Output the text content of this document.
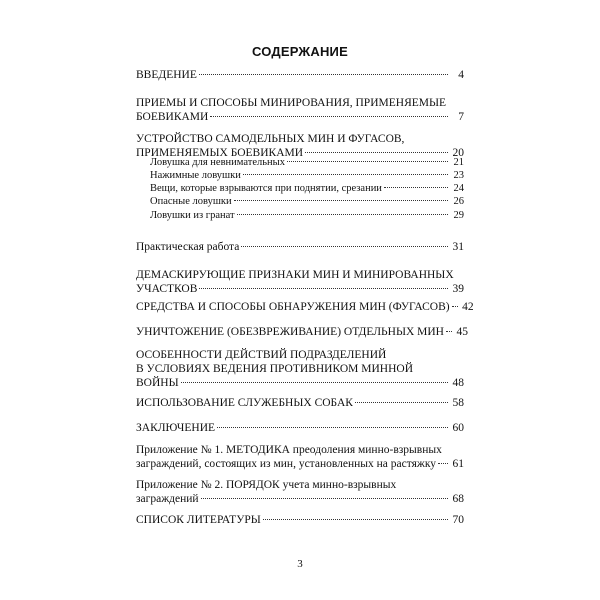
СОДЕРЖАНИЕ
ВВЕДЕНИЕ	4
ПРИЕМЫ И СПОСОБЫ МИНИРОВАНИЯ, ПРИМЕНЯЕМЫЕ
БОЕВИКАМИ	7
УСТРОЙСТВО САМОДЕЛЬНЫХ МИН И ФУГАСОВ,
ПРИМЕНЯЕМЫХ БОЕВИКАМИ	20
Ловушка для невнимательных	21
Нажимные ловушки	23
Вещи, которые взрываются при поднятии, срезании	24
Опасные ловушки	26
Ловушки из гранат	29
Практическая работа	31
ДЕМАСКИРУЮЩИЕ ПРИЗНАКИ МИН И МИНИРОВАННЫХ
УЧАСТКОВ	39
СРЕДСТВА И СПОСОБЫ ОБНАРУЖЕНИЯ МИН (ФУГАСОВ) 42
УНИЧТОЖЕНИЕ (ОБЕЗВРЕЖИВАНИЕ) ОТДЕЛЬНЫХ МИН 45
ОСОБЕННОСТИ ДЕЙСТВИЙ ПОДРАЗДЕЛЕНИЙ
В УСЛОВИЯХ ВЕДЕНИЯ ПРОТИВНИКОМ МИННОЙ
ВОЙНЫ	48
ИСПОЛЬЗОВАНИЕ СЛУЖЕБНЫХ СОБАК	58
ЗАКЛЮЧЕНИЕ	60
Приложение № 1. МЕТОДИКА преодоления минно-взрывных
заграждений, состоящих из мин, установленных на растяжку 61
Приложение № 2. ПОРЯДОК учета минно-взрывных
заграждений	68
СПИСОК ЛИТЕРАТУРЫ	70
3
